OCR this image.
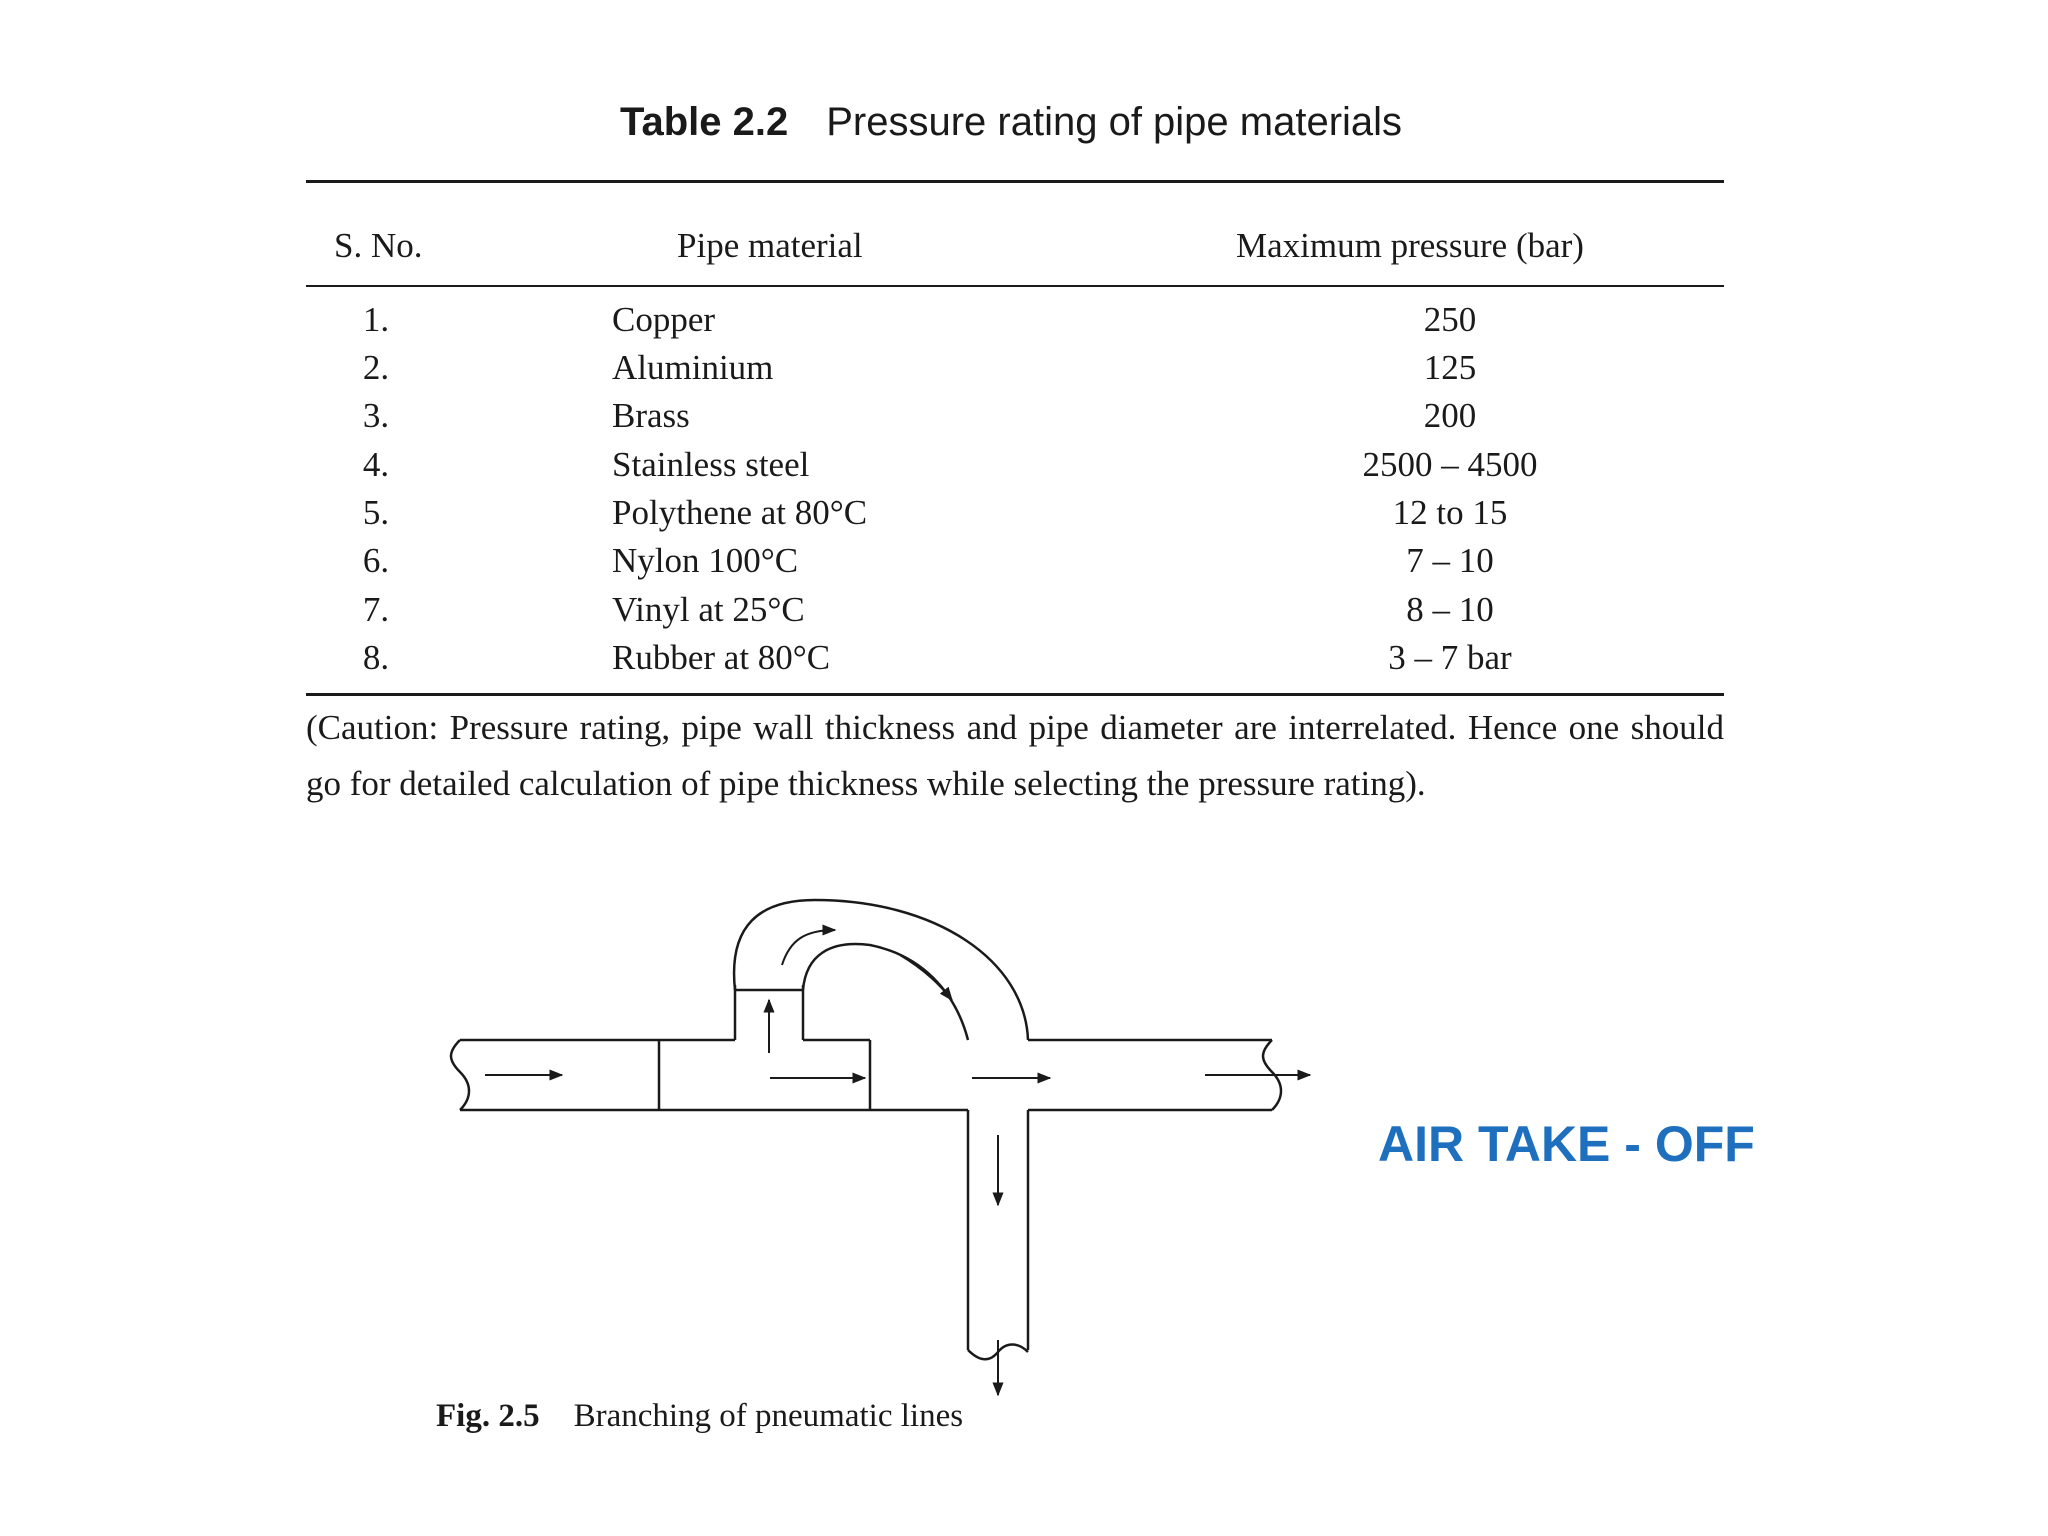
Table 2.2 Pressure rating of pipe materials
S. No.	Pipe material	Maximum pressure (bar)
1.	Copper	250
2.	Aluminium	125
3.	Brass	200
4.	Stainless steel	2500 – 4500
5.	Polythene at 80°C	12 to 15
6.	Nylon 100°C	7 – 10
7.	Vinyl at 25°C	8 – 10
8.	Rubber at 80°C	3 – 7 bar
(Caution: Pressure rating, pipe wall thickness and pipe diameter are interrelated. Hence one should go for detailed calculation of pipe thickness while selecting the pressure rating).
Fig. 2.5 Branching of pneumatic lines
AIR TAKE - OFF
